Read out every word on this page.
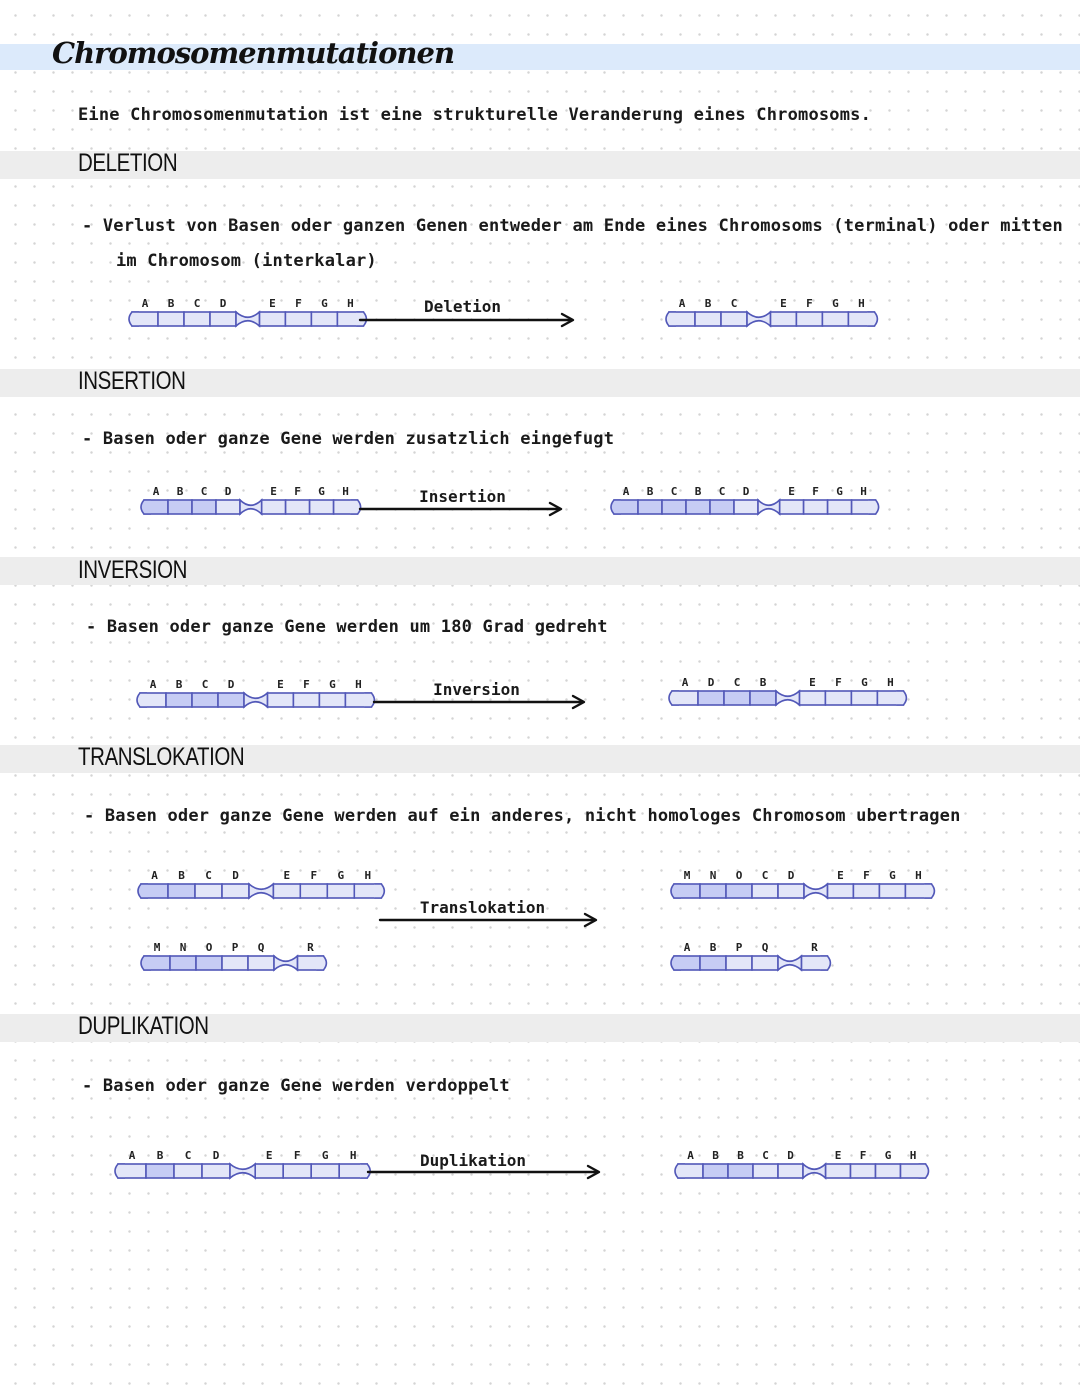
Chromosomenmutationen

Eine Chromosomenmutation ist eine strukturelle Veranderung eines Chromosoms.

DELETION

- Verlust von Basen oder ganzen Genen entweder am Ende eines Chromosoms (terminal) oder mitten

im Chromosom (interkalar)

A B C D	E F G H	Deletion	A B C	E F G H
INSERTION

- Basen oder ganze Gene werden zusatzlich eingefugt

A B C D	E F G H	Insertion	A B C B C D	E F G H
INVERSION

- Basen oder ganze Gene werden um 180 Grad gedreht

A B C D	E F G H	Inversion	A D C B	E F G H
TRANSLOKATION

- Basen oder ganze Gene werden auf ein anderes, nicht homologes Chromosom ubertragen

A B C D	E F G H
M N O P Q	R
Translokation
M N O C D	E F G H
A B P Q	R
DUPLIKATION

- Basen oder ganze Gene werden verdoppelt

A B C D	E F G H	Duplikation	A B B C D	E F G H
